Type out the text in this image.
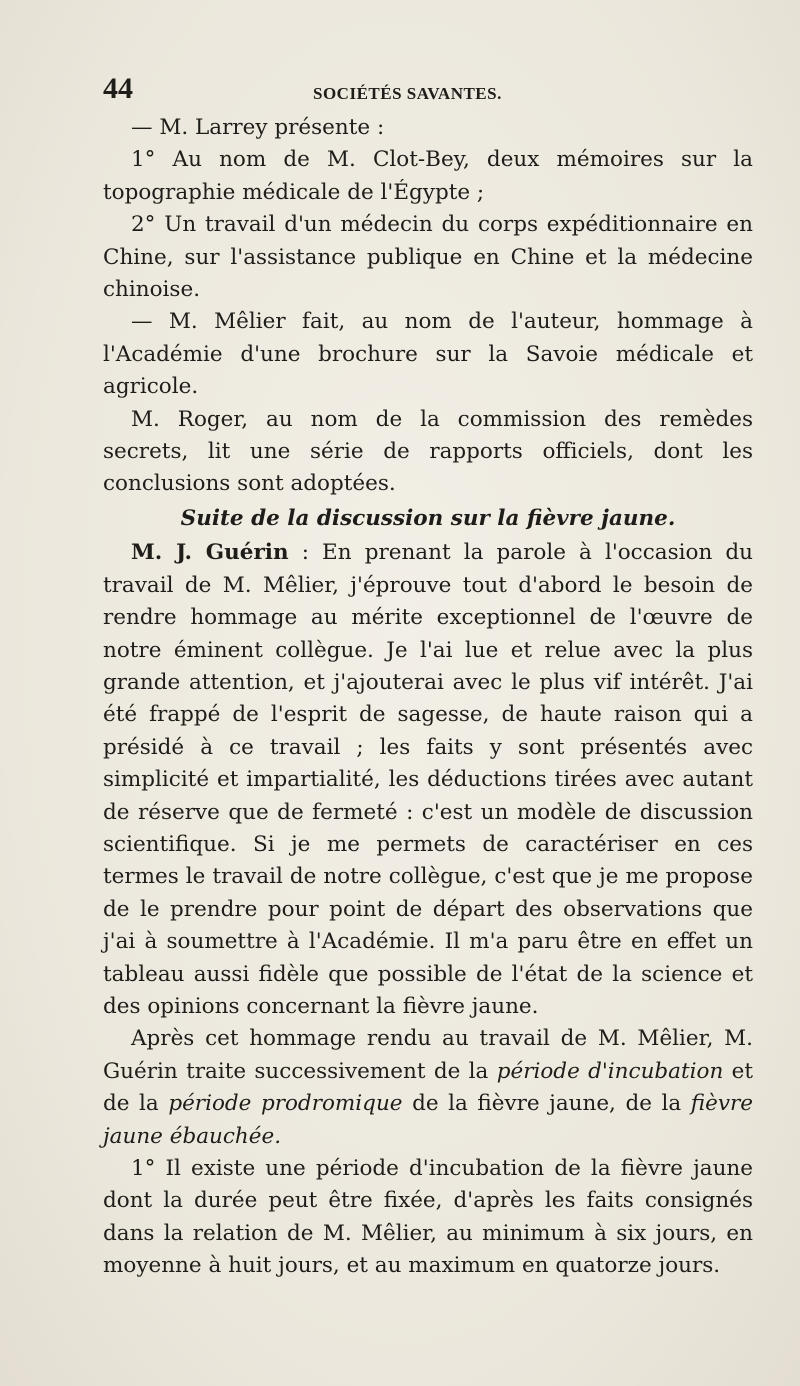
44	SOCIÉTÉS SAVANTES.

— M. Larrey présente :

1° Au nom de M. Clot-Bey, deux mémoires sur la topographie médicale de l'Égypte ;

2° Un travail d'un médecin du corps expéditionnaire en Chine, sur l'assistance publique en Chine et la médecine chinoise.

— M. Mêlier fait, au nom de l'auteur, hommage à l'Académie d'une brochure sur la Savoie médicale et agricole.

M. Roger, au nom de la commission des remèdes secrets, lit une série de rapports officiels, dont les conclusions sont adoptées.

Suite de la discussion sur la fièvre jaune.

M. J. Guérin : En prenant la parole à l'occasion du travail de M. Mêlier, j'éprouve tout d'abord le besoin de rendre hommage au mérite exceptionnel de l'œuvre de notre éminent collègue. Je l'ai lue et relue avec la plus grande attention, et j'ajouterai avec le plus vif intérêt. J'ai été frappé de l'esprit de sagesse, de haute raison qui a présidé à ce travail ; les faits y sont présentés avec simplicité et impartialité, les déductions tirées avec autant de réserve que de fermeté : c'est un modèle de discussion scientifique. Si je me permets de caractériser en ces termes le travail de notre collègue, c'est que je me propose de le prendre pour point de départ des observations que j'ai à soumettre à l'Académie. Il m'a paru être en effet un tableau aussi fidèle que possible de l'état de la science et des opinions concernant la fièvre jaune.

Après cet hommage rendu au travail de M. Mêlier, M. Guérin traite successivement de la période d'incubation et de la période prodromique de la fièvre jaune, de la fièvre jaune ébauchée.

1° Il existe une période d'incubation de la fièvre jaune dont la durée peut être fixée, d'après les faits consignés dans la relation de M. Mêlier, au minimum à six jours, en moyenne à huit jours, et au maximum en quatorze jours.
